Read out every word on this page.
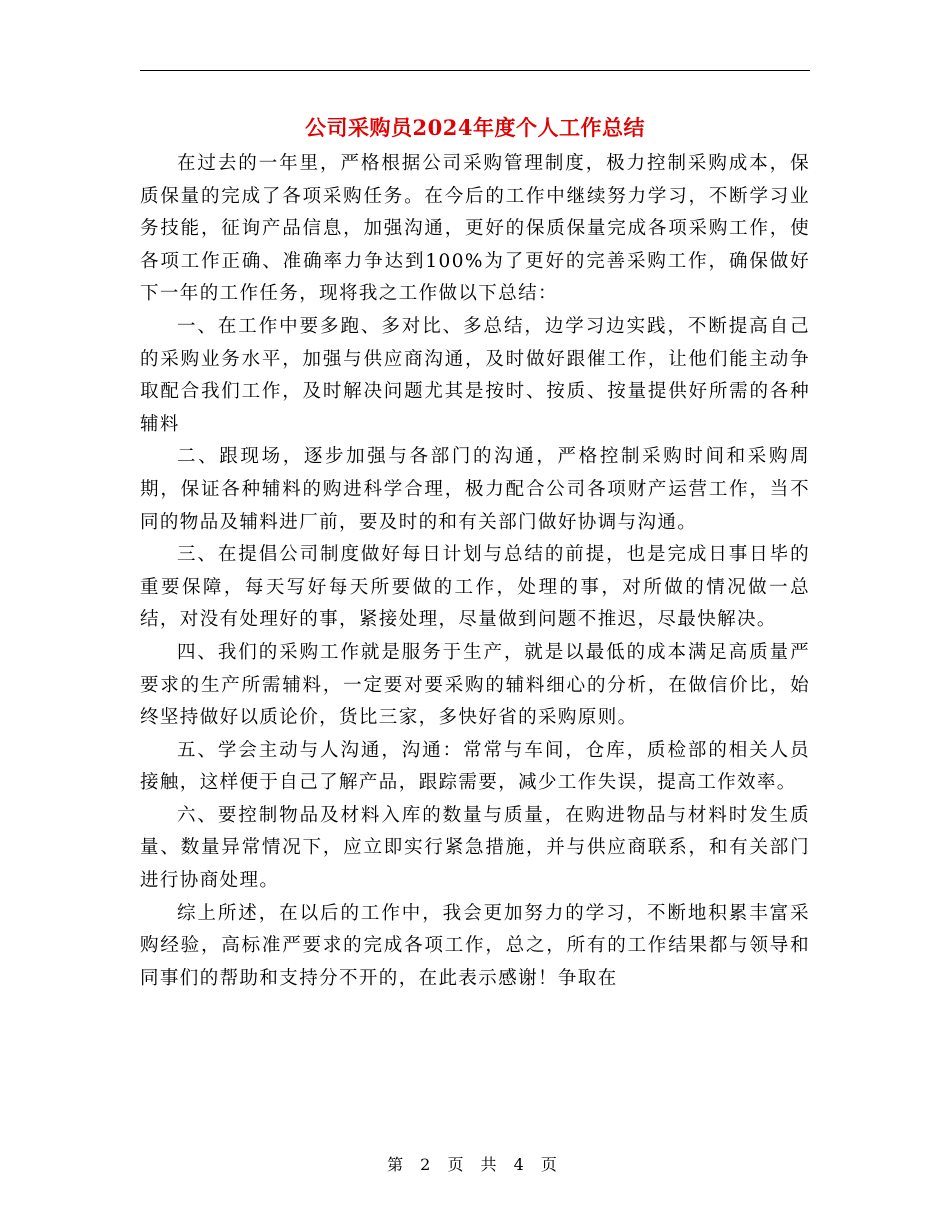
公司采购员2024年度个人工作总结

在过去的一年里，严格根据公司采购管理制度，极力控制采购成本，保质保量的完成了各项采购任务。在今后的工作中继续努力学习，不断学习业务技能，征询产品信息，加强沟通，更好的保质保量完成各项采购工作，使各项工作正确、准确率力争达到100%为了更好的完善采购工作，确保做好下一年的工作任务，现将我之工作做以下总结：

一、在工作中要多跑、多对比、多总结，边学习边实践，不断提高自己的采购业务水平，加强与供应商沟通，及时做好跟催工作，让他们能主动争取配合我们工作，及时解决问题尤其是按时、按质、按量提供好所需的各种辅料

二、跟现场，逐步加强与各部门的沟通，严格控制采购时间和采购周期，保证各种辅料的购进科学合理，极力配合公司各项财产运营工作，当不同的物品及辅料进厂前，要及时的和有关部门做好协调与沟通。

三、在提倡公司制度做好每日计划与总结的前提，也是完成日事日毕的重要保障，每天写好每天所要做的工作，处理的事，对所做的情况做一总结，对没有处理好的事，紧接处理，尽量做到问题不推迟，尽最快解决。

四、我们的采购工作就是服务于生产，就是以最低的成本满足高质量严要求的生产所需辅料，一定要对要采购的辅料细心的分析，在做信价比，始终坚持做好以质论价，货比三家，多快好省的采购原则。

五、学会主动与人沟通，沟通：常常与车间，仓库，质检部的相关人员接触，这样便于自己了解产品，跟踪需要，减少工作失误，提高工作效率。

六、要控制物品及材料入库的数量与质量，在购进物品与材料时发生质量、数量异常情况下，应立即实行紧急措施，并与供应商联系，和有关部门进行协商处理。

综上所述，在以后的工作中，我会更加努力的学习，不断地积累丰富采购经验，高标准严要求的完成各项工作，总之，所有的工作结果都与领导和同事们的帮助和支持分不开的，在此表示感谢！争取在

第 2 页 共 4 页
